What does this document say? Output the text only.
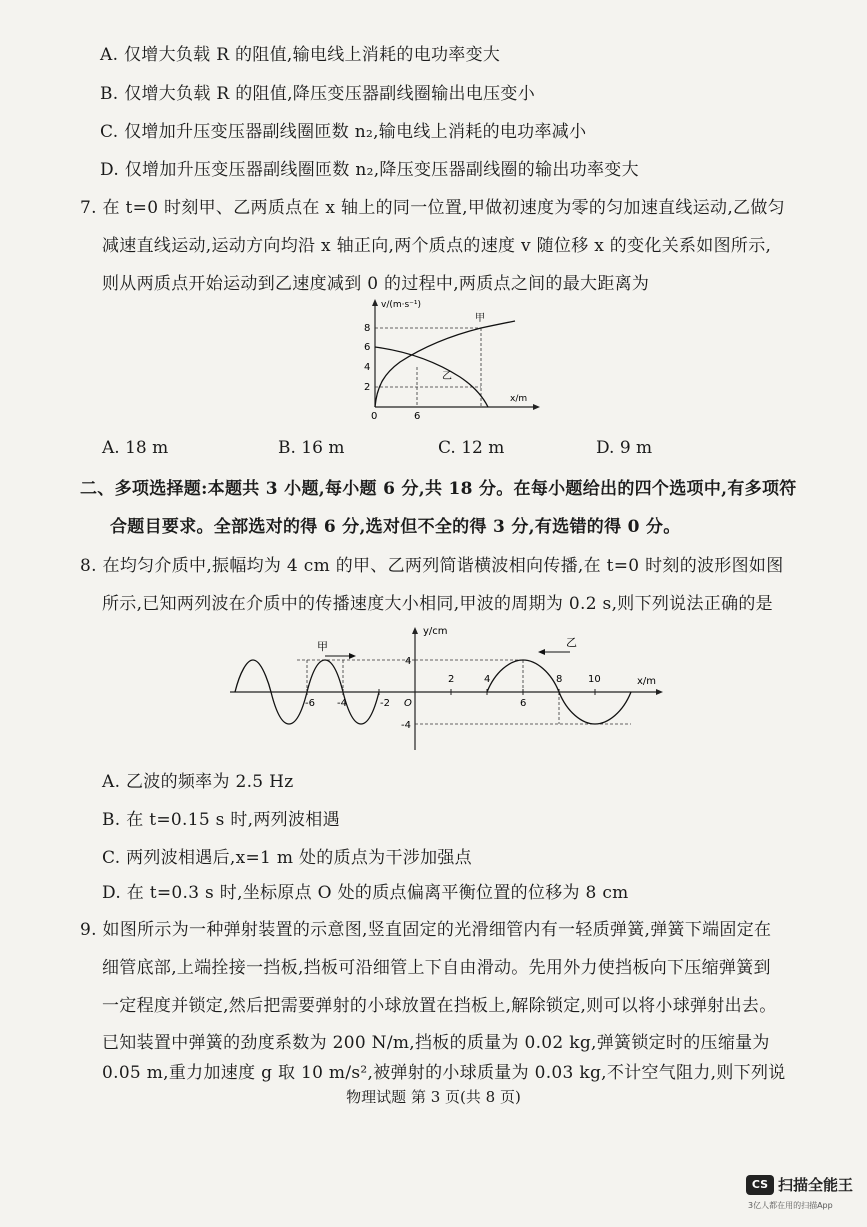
A. 仅增大负载 R 的阻值,输电线上消耗的电功率变大
B. 仅增大负载 R 的阻值,降压变压器副线圈输出电压变小
C. 仅增加升压变压器副线圈匝数 n₂,输电线上消耗的电功率减小
D. 仅增加升压变压器副线圈匝数 n₂,降压变压器副线圈的输出功率变大
7. 在 t=0 时刻甲、乙两质点在 x 轴上的同一位置,甲做初速度为零的匀加速直线运动,乙做匀
减速直线运动,运动方向均沿 x 轴正向,两个质点的速度 v 随位移 x 的变化关系如图所示,
则从两质点开始运动到乙速度减到 0 的过程中,两质点之间的最大距离为
v/(m·s⁻¹)
x/m
8
6
4
2
0	6
甲
乙
A. 18 m	B. 16 m	C. 12 m	D. 9 m
二、多项选择题:本题共 3 小题,每小题 6 分,共 18 分。在每小题给出的四个选项中,有多项符
合题目要求。全部选对的得 6 分,选对但不全的得 3 分,有选错的得 0 分。
8. 在均匀介质中,振幅均为 4 cm 的甲、乙两列简谐横波相向传播,在 t=0 时刻的波形图如图
所示,已知两列波在介质中的传播速度大小相同,甲波的周期为 0.2 s,则下列说法正确的是
y/cm
x/m
甲	乙
4
-4
-6 -4	-2 O
2	4
6
8	10
A. 乙波的频率为 2.5 Hz
B. 在 t=0.15 s 时,两列波相遇
C. 两列波相遇后,x=1 m 处的质点为干涉加强点
D. 在 t=0.3 s 时,坐标原点 O 处的质点偏离平衡位置的位移为 8 cm
9. 如图所示为一种弹射装置的示意图,竖直固定的光滑细管内有一轻质弹簧,弹簧下端固定在
细管底部,上端拴接一挡板,挡板可沿细管上下自由滑动。先用外力使挡板向下压缩弹簧到
一定程度并锁定,然后把需要弹射的小球放置在挡板上,解除锁定,则可以将小球弹射出去。
已知装置中弹簧的劲度系数为 200 N/m,挡板的质量为 0.02 kg,弹簧锁定时的压缩量为
0.05 m,重力加速度 g 取 10 m/s²,被弹射的小球质量为 0.03 kg,不计空气阻力,则下列说
物理试题 第 3 页(共 8 页)
CS 扫描全能王
3亿人都在用的扫描App
